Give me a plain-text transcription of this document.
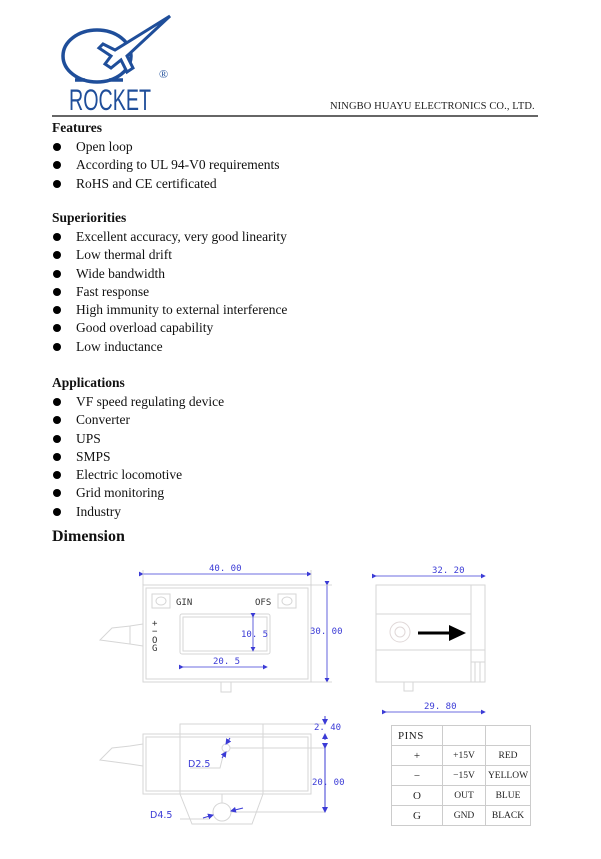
ROCKET
®
NINGBO HUAYU ELECTRONICS CO., LTD.
Features
Open loop
According to UL 94-V0 requirements
RoHS and CE certificated
Superiorities
Excellent accuracy, very good linearity
Low thermal drift
Wide bandwidth
Fast response
High immunity to external interference
Good overload capability
Low inductance
Applications
VF speed regulating device
Converter
UPS
SMPS
Electric locomotive
Grid monitoring
Industry
Dimension
GIN	OFS
+
−
O
G
40. 00
30. 00
10. 5
20. 5
32. 20
29. 80
D2.5
D4.5
2. 40
20. 00
PINS		
+	+15V	RED
−	−15V	YELLOW
O	OUT	BLUE
G	GND	BLACK
